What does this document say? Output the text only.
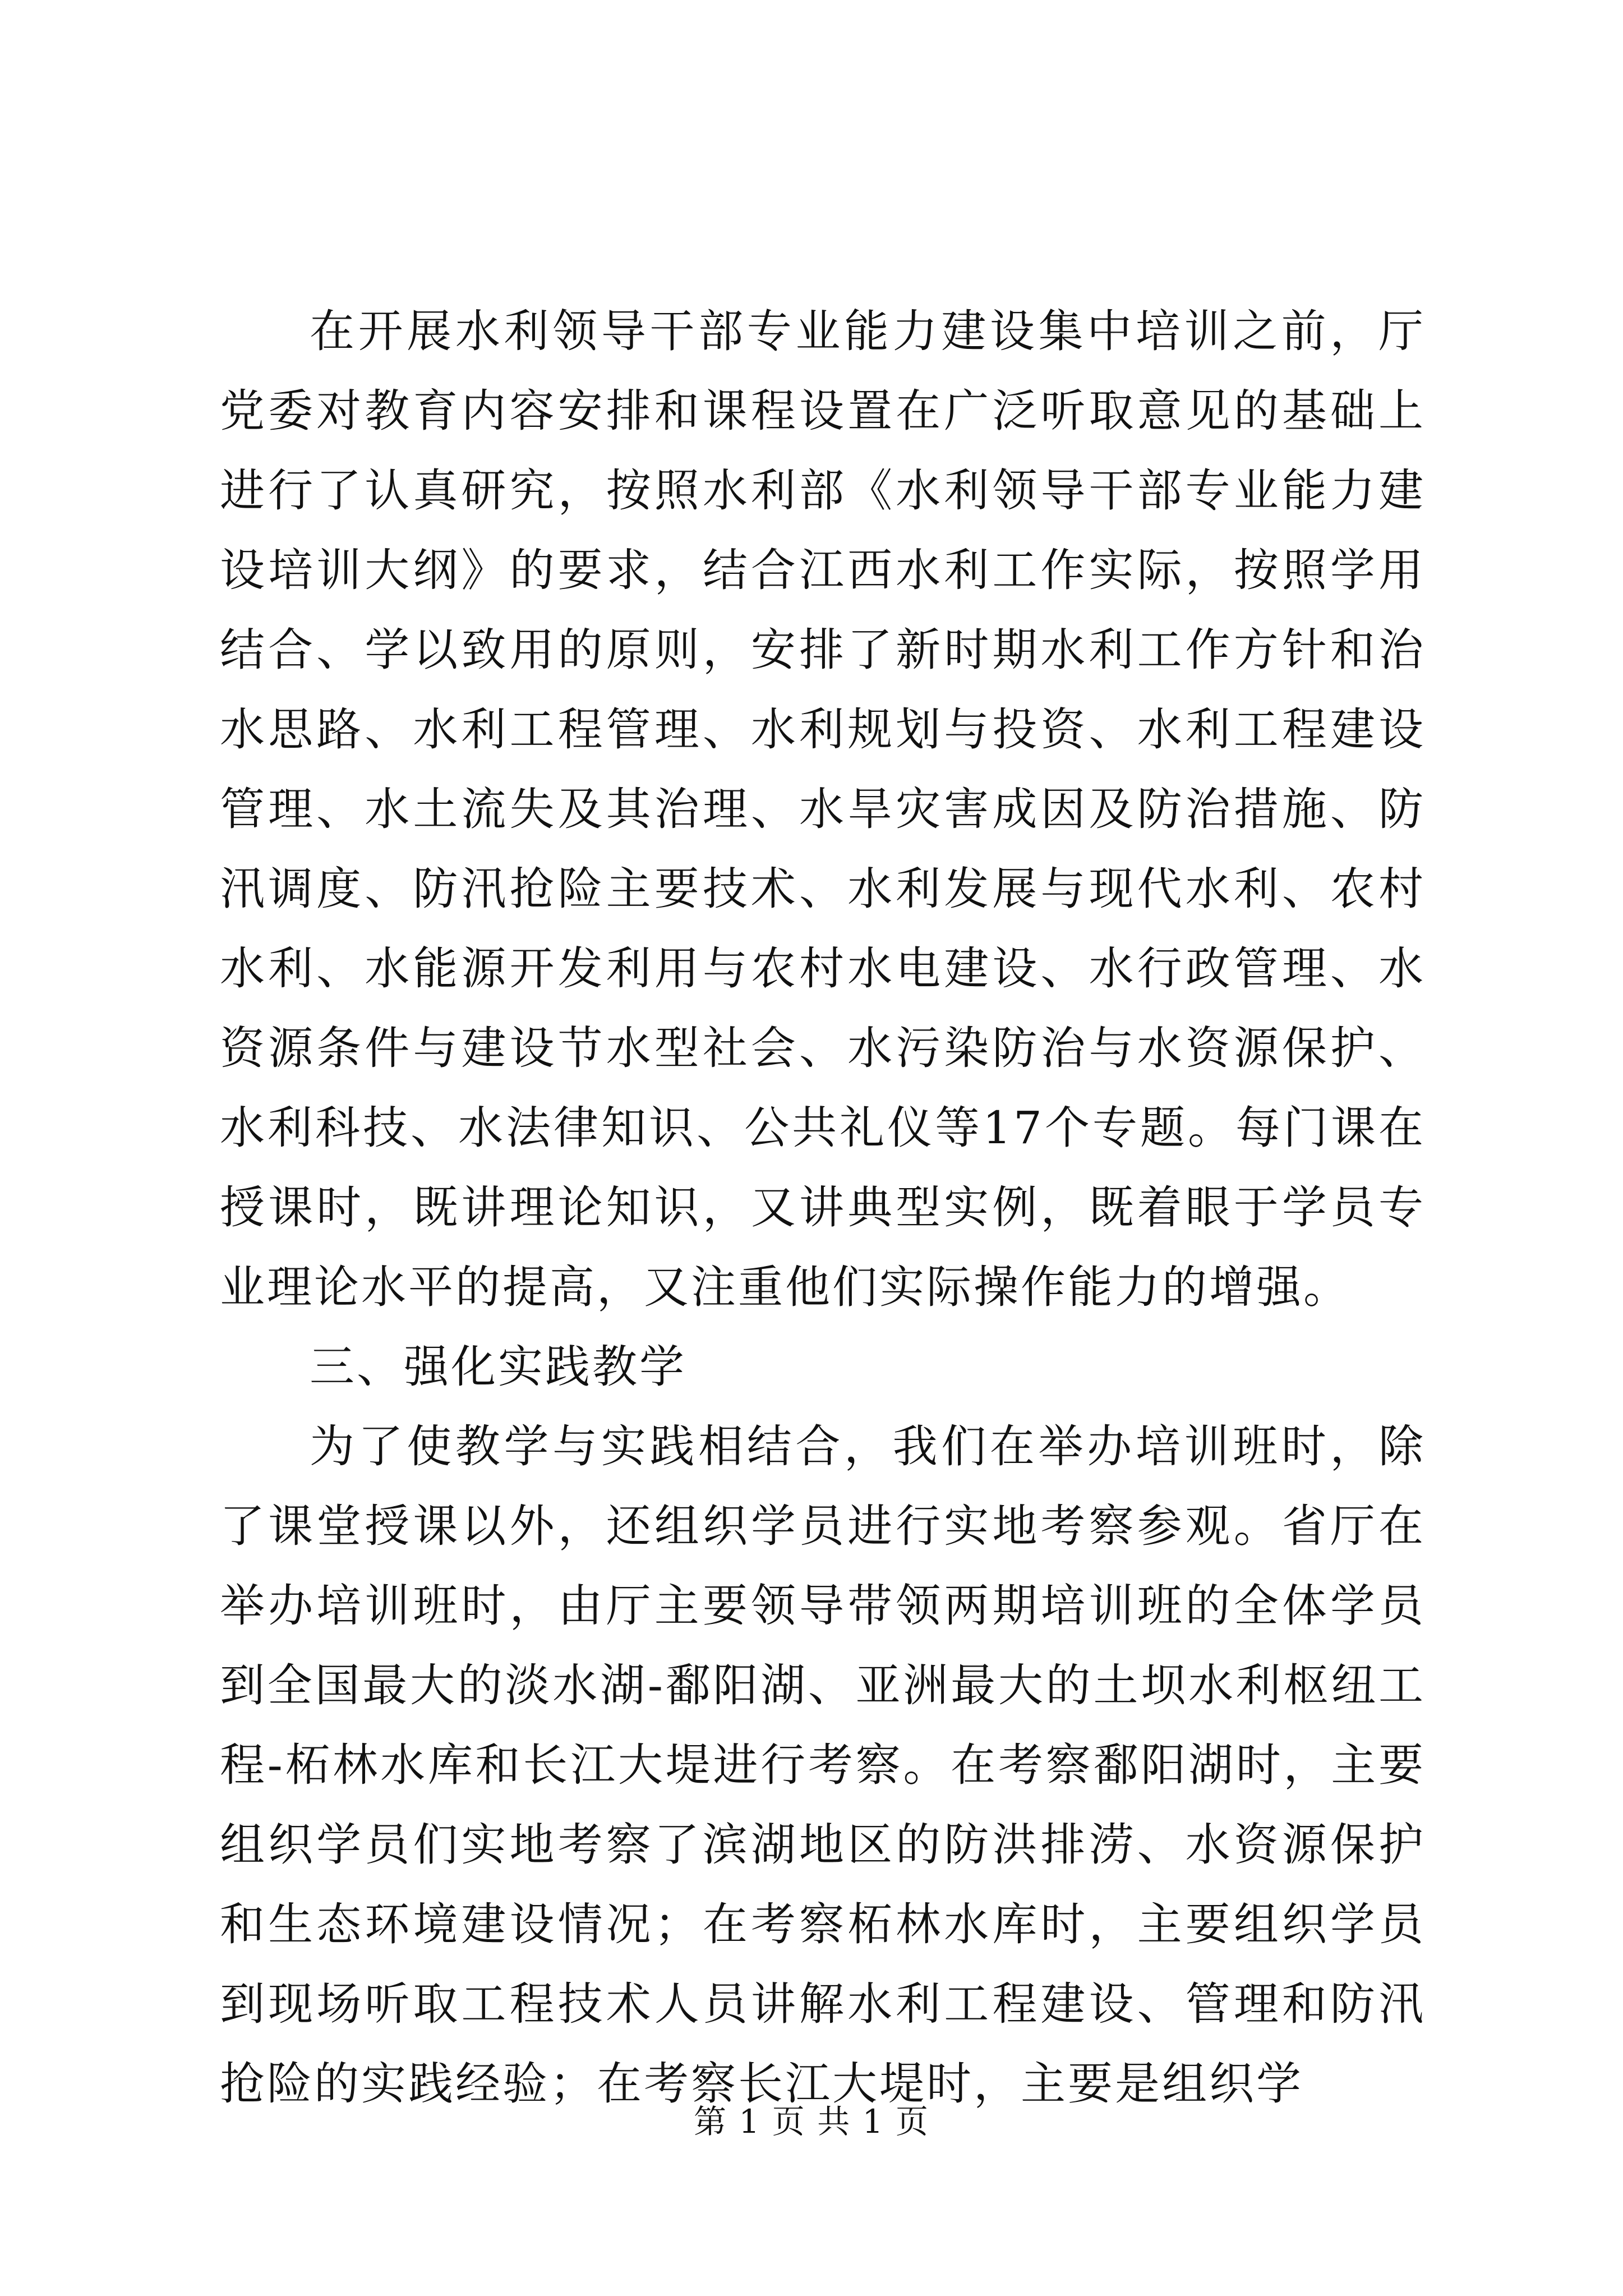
在开展水利领导干部专业能力建设集中培训之前，厅党委对教育内容安排和课程设置在广泛听取意见的基础上进行了认真研究，按照水利部《水利领导干部专业能力建设培训大纲》的要求，结合江西水利工作实际，按照学用结合、学以致用的原则，安排了新时期水利工作方针和治水思路、水利工程管理、水利规划与投资、水利工程建设管理、水土流失及其治理、水旱灾害成因及防治措施、防汛调度、防汛抢险主要技术、水利发展与现代水利、农村水利、水能源开发利用与农村水电建设、水行政管理、水资源条件与建设节水型社会、水污染防治与水资源保护、水利科技、水法律知识、公共礼仪等17个专题。每门课在授课时，既讲理论知识，又讲典型实例，既着眼于学员专业理论水平的提高，又注重他们实际操作能力的增强。

三、强化实践教学

为了使教学与实践相结合，我们在举办培训班时，除了课堂授课以外，还组织学员进行实地考察参观。省厅在举办培训班时，由厅主要领导带领两期培训班的全体学员到全国最大的淡水湖-鄱阳湖、亚洲最大的土坝水利枢纽工程-柘林水库和长江大堤进行考察。在考察鄱阳湖时，主要组织学员们实地考察了滨湖地区的防洪排涝、水资源保护和生态环境建设情况；在考察柘林水库时，主要组织学员到现场听取工程技术人员讲解水利工程建设、管理和防汛抢险的实践经验；在考察长江大堤时，主要是组织学

第 1 页 共 1 页
